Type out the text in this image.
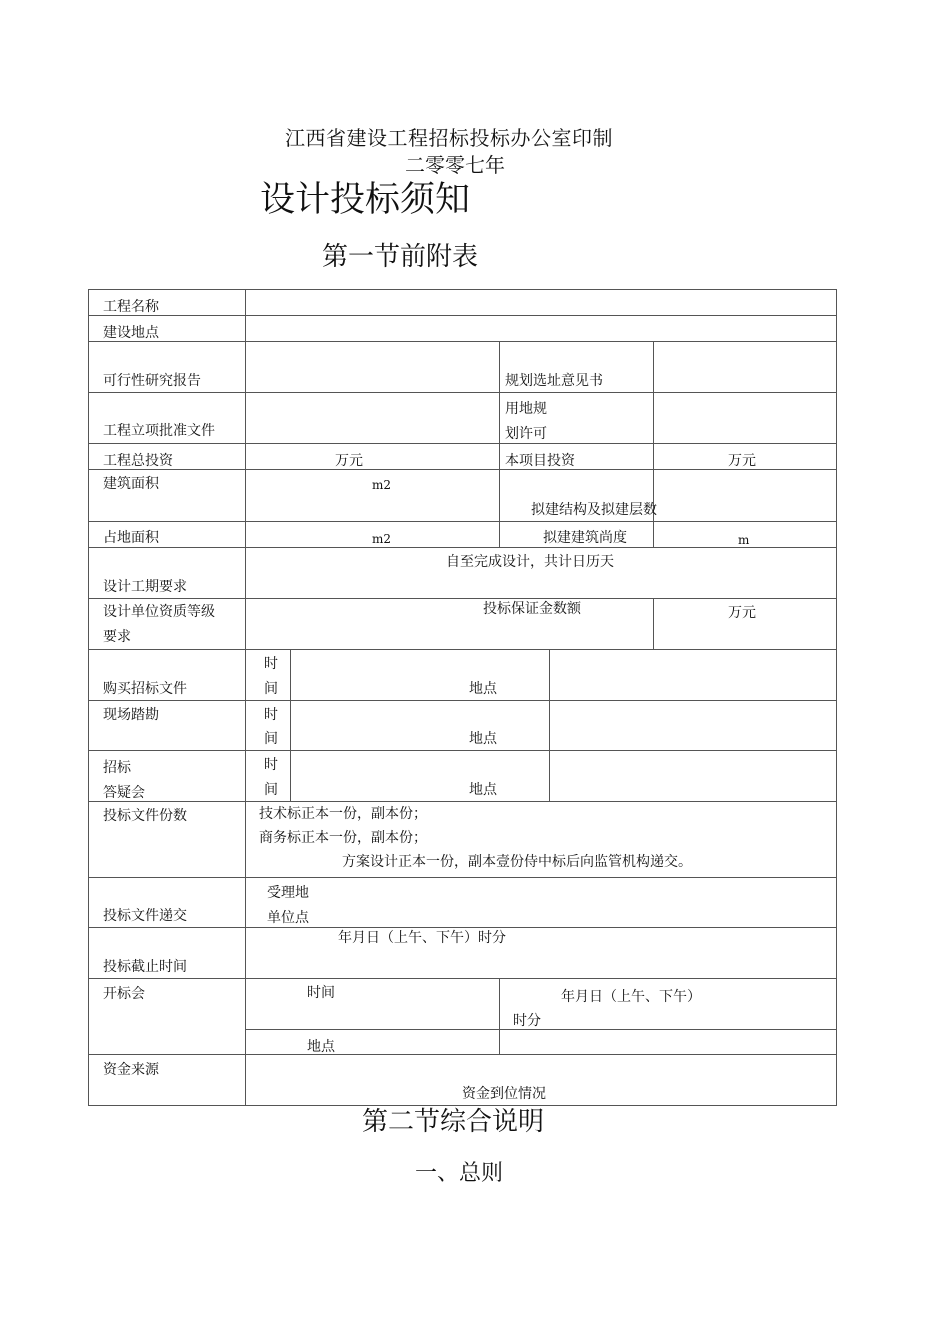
江西省建设工程招标投标办公室印制
二零零七年
设计投标须知
第一节前附表
工程名称					

建设地点					

可行性研究报告			规划选址意见书		

工程立项批准文件			用地规
划许可		

工程总投资	万元		本项目投资		万元

建筑面积	m2		拟建结构及拟建层数		

占地面积	m2		拟建建筑尚度		m

设计工期要求	自至完成设计，共计日历天				

设计单位资质等级
要求	投标保证金数额				万元

购买招标文件	时
间	地点			

现场踏勘	时
间	地点			

招标
答疑会	时
间	地点			

投标文件份数	技术标正本一份，副本份；
商务标正本一份，副本份；
方案设计正本一份，副本壹份侍中标后向监管机构递交。				

投标文件递交	受理地
单位点				

投标截止时间	年月日（上午、下午）时分				

开标会	时间		年月日（上午、下午）
时分		

	地点				

资金来源	资金到位情况				
第二节综合说明
一、总则
